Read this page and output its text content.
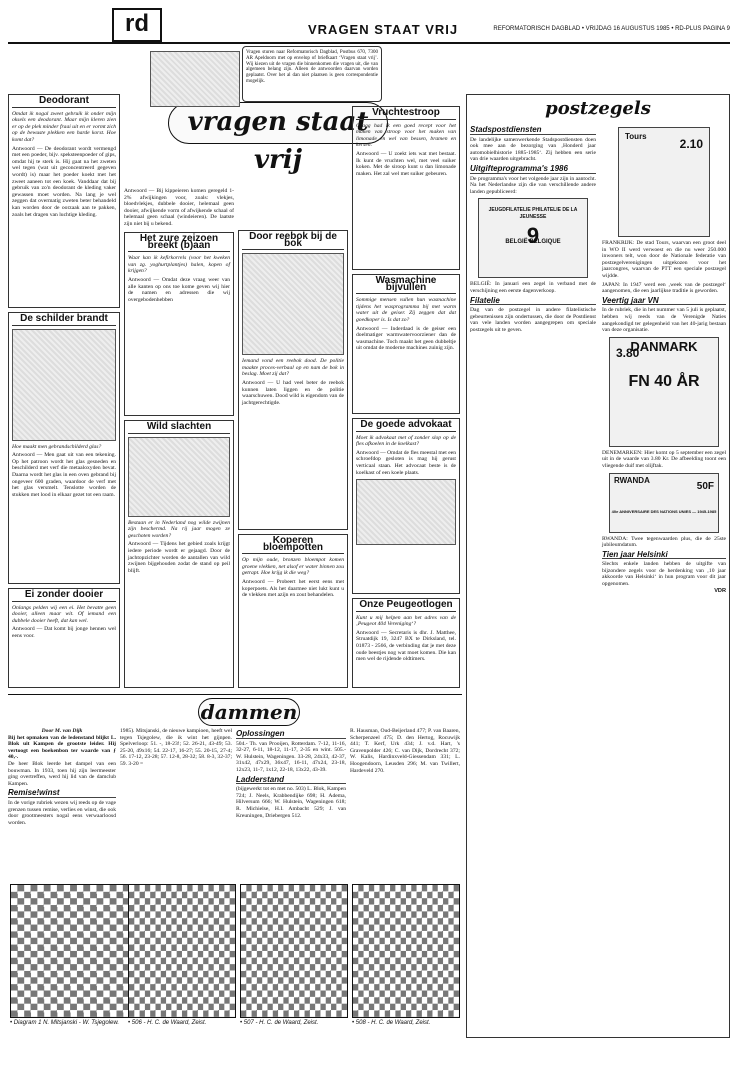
rd	VRAGEN STAAT VRIJ	REFORMATORISCH DAGBLAD • VRIJDAG 16 AUGUSTUS 1985 • RD-PLUS PAGINA 9
Vragen sturen naar Reformatorisch Dagblad, Postbus 670, 7300 AR Apeldoorn met op envelop of briefkaart ‘Vragen staat vrij’. Wij kiezen uit de vragen die binnenkomen die vragen uit, die van algemeen belang zijn. Alleen de antwoorden daarvan worden geplaatst. Over het al dan niet plaatsen is geen correspondentie mogelijk.
vragen staat vrij
Deodorant
Omdat ik nogal zweet gebruik ik onder mijn oksels een deodorant. Maar mijn kleren zien er op de plek minder fraai uit en er vormt zich op de bewuste plekken een harde korst. Hoe komt dat?
Antwoord — De deodorant wordt vermengd met een poeder, bijv. speksteenpoeder of gips, omdat hij te sterk is. Hij gaat na het zweten wel tegen (wat uit geconcentreerd gegeven wordt) is) maar het poeder koekt met het zweet aaneen tot een koek. Vanddaar dat bij gebruik van zo'n deodorant de kleding vaker gewassen moet worden. Na lang je wel zeggen dat overmatig zweten beter behandeld kan worden door de oorzaak aan te pakken, zoals het dragen van luchtige kleding.
De schilder brandt
Hoe maakt men gebrandschilderd glas?
Antwoord — Men gaat uit van een tekening. Op het patroon wordt het glas gesneden en beschilderd met verf die metaaloxyden bevat. Daarna wordt het glas in een oven gebrand bij ongeveer 600 graden, waardoor de verf met het glas versmelt. Tenslotte worden de stukken met lood in elkaar gezet tot een raam.
Ei zonder dooier
Onlangs pelden wij een ei. Het bevatte geen dooier, alleen maar wit. Of iemand een dubbele dooier heeft, dat kan wel.
Antwoord — Dat komt bij jonge hennen wel eens voor.
Antwoord — Bij kippeieren komen geregeld 1-2% afwijkingen voor, zoals: vlekjes, bloedvlekjes, dubbele dooier, helemaal geen dooier, afwijkende vorm of afwijkende schaal of helemaal geen schaal (windeieren). De laatste zijn niet bij u bekend.
Het zure zeizoen breekt (b)aan
Waar kan ik kefirkorrels (voor het kweken van zg. yoghurtplantjes) halen, kopen of krijgen?
Antwoord — Omdat deze vraag weer van alle kanten op ons toe kome geven wij hier de namen en adressen die wij overgebodenhebben
Wild slachten
Bestaan er in Nederland nog wilde zwijnen zijn beschermd. Na rij jaar mogen ze geschoten worden?
Antwoord — Tijdens het gebied zoals krijgt iedere periode wordt er gejaagd. Door de jachtopzichter worden de aantallen van wild zwijnen bijgehouden zodat de stand op peil blijft.
Door reebok bij de bok
Iemand vond een reebok dood. De politie maakte proces-verbaal op en nam de bok in beslag. Moet zij dat?
Antwoord — U had veel beter de reebok kunnen laten liggen en de politie waarschuwen. Dood wild is eigendom van de jachtgerechtigde.
Koperen bloempotten
Op mijn oude, bronzen bloempot komen groene vlekken, net alsof er water binnen zou getrapt. Hoe krijg ik die weg?
Antwoord — Probeert het eerst eens met koperpoets. Als het daarmee niet lukt kunt u de vlekken met azijn en zout behandelen.
Vruchtestroop
Graag had ik een goed recept voor het maken van stroop voor het maken van limonade en wel van bessen, bramen en kersen.
Antwoord — U zoekt iets wat met bestaat. Ik kunt de vruchten wel, met veel suiker koken. Met de siroop kunt u dan limonade maken. Het zal wel met suiker gebeuren.
Wasmachine bijvullen
Sommige mensen vullen hun wasmachine tijdens het wasprogramma bij met warm water uit de geiser. Zij zeggen dat dat goedkoper is. Is dat zo?
Antwoord — Inderdaad is de geiser een doelmatiger warmwatervoorziener dan de wasmachine. Toch maakt het geen dubbeltje uit omdat de moderne machines zuinig zijn.
De goede advokaat
Moet ik advokaat met of zonder slop op de fles afkoelen in de koelkast?
Antwoord — Omdat de fles meestal met een schroefdop gesloten is mag hij gerust verticaal staan. Het advocaat beste is de koelkast of een koele plaats.
Onze Peugeotlogen
Kunt u mij helpen aan het adres van de ‚Peugeot 404 Vereniging‘?
Antwoord — Secretaris is dhr. J. Matthee, Struatdijk 19, 3247 BX te Dirksland, tel. 01873 - 2566, de verbinding dat je met deze oude beestjes nog wat moet komen. Die kan men wel de rijdende oldtimers.
postzegels
Stadspostdiensten
De landelijke samenwerkende Stadspostdiensten doen ook mee aan de bezorging van ‚Honderd jaar automobielhistorie 1885-1985‘. Zij hebben een serie van drie waarden uitgebracht.
Uitgifteprogramma's 1986
De programma's voor het volgende jaar zijn in aantocht. Na het Nederlandse zijn die van verschillende andere landen gepubliceerd:
JEUGDFILATELIE PHILATELIE DE LA JEUNESSE
9
BELGIË BELGIQUE
BELGIË: In januari een zegel in verband met de verschijning een eerste dagenverkoop.
Filatelie
Dag van de postzegel in andere filatelistische gebeurtenissen zijn ondertussen, die door de Postdienst van vele landen worden aangegrepen om speciale postzegels uit te geven.
Tours
2.10
FRANKRIJK: De stad Tours, waarvan een groot deel in WO II werd verwoest en die nu weer 250.000 inwoners telt, won door de Nationale federatie van postzegelverenigingen uitgekozen voor het jaarcongres, waarvan de PTT een speciale postzegel wijdde.
JAPAN: In 1947 werd een ‚week van de postzegel‘ aangenomen, die een jaarlijkse traditie is geworden.
Veertig jaar VN
In de rubriek, die in het nummer van 5 juli is geplaatst, hebben wij reeds van de Verenigde Naties aangekondigd ter gelegenheid van het 40-jarig bestaan van deze organisatie.
DANMARK
3.80
FN 40 ÅR
DENEMARKEN: Hier komt op 5 september een zegel uit in de waarde van 3.80 Kr. De afbeelding toont een vliegende duif met olijftak.
RWANDA
50F
40e ANNIVERSAIRE DES NATIONS UNIES — 1945-1985
RWANDA: Twee tegenwaarden plus, die de 25ste jubileumdatum.
Tien jaar Helsinki
Slechts enkele landen hebben de uitgifte van bijzondere zegels voor de herdenking van ‚10 jaar akkoorde van Helsinki‘ in hun program voor dit jaar opgenomen.
VDR
dammen
Door M. van Dijk
Bij het opmaken van de ledenstand blijkt L. Blok uit Kampen de grootste leider. Hij vertoogt een boekenbon ter waarde van ƒ 40,-.
De heer Blok leerde het dampel van een bouwman. In 1933, toen hij zijn leermeester ging overtreffen, werd hij lid van de damclub Kampen.
Remise!winst
In de vorige rubriek wezen wij reeds op de vage grenzen tussen remise, verlies en winst, die ook door grootmeesters nogal eens verwaarloosd worden.
1985). Mitsjanski, de nieuwe kampioen, heeft wel tegen Tsjegolew, die ik wint het gijnpen. Spelverloop: 51. -, 18-23!; 52. 26-21, 43-49; 53. 25-20, 49x16; 54. 22-17, 16-27; 55. 20-15, 27-4; 56. 17-12, 23-28; 57. 12-8, 28-32; 58. 8-3, 32-37; 59. 3-20 =
Oplossingen
504.- Th. van Prooijen, Rotterdam. 7-12, 11-16, 32-27, 6-11, 18-12, 11-17, 2-35 en wint. 505.- W. Hulstein, Wageningen. 33-28, 24x33, 42-37, 31x42, 47x29, 36x47, 16-11, 47x24, 23-18, 12x23, 11-7, 1x12, 22-18, 13x22, 43-39.
Ladderstand
(bijgewerkt tot en met no. 503) L. Blok, Kampen 724; J. Neels, Krabbendijke 698; H. Adema, Hilversum 666; W. Hulstein, Wageningen 618; R. Michielse, H.I. Ambacht 529; J. van Kreuningen, Driebergen 512.
R. Hausman, Oud-Beijerland 477; P. van Baaren, Scherpenzeel 475; D. den Hertog, Rocuwijk 441; T. Kerf, Urk 434; J. v.d. Hart, 's Gravenpolder 426; C. van Dijk, Dordrecht 372; W. Kalis, Hardinxveld-Giessendam 331; L. Hoogendoorn, Leusden 296; M. van Twillert, Hardeveld 270.
• Diagram 1 N. Mitsjanski - W. Tsjegolew.	• 506 - H. C. de Waard, Zeist.	• 507 - H. C. de Waard, Zeist.	• 508 - H. C. de Waard, Zeist.
